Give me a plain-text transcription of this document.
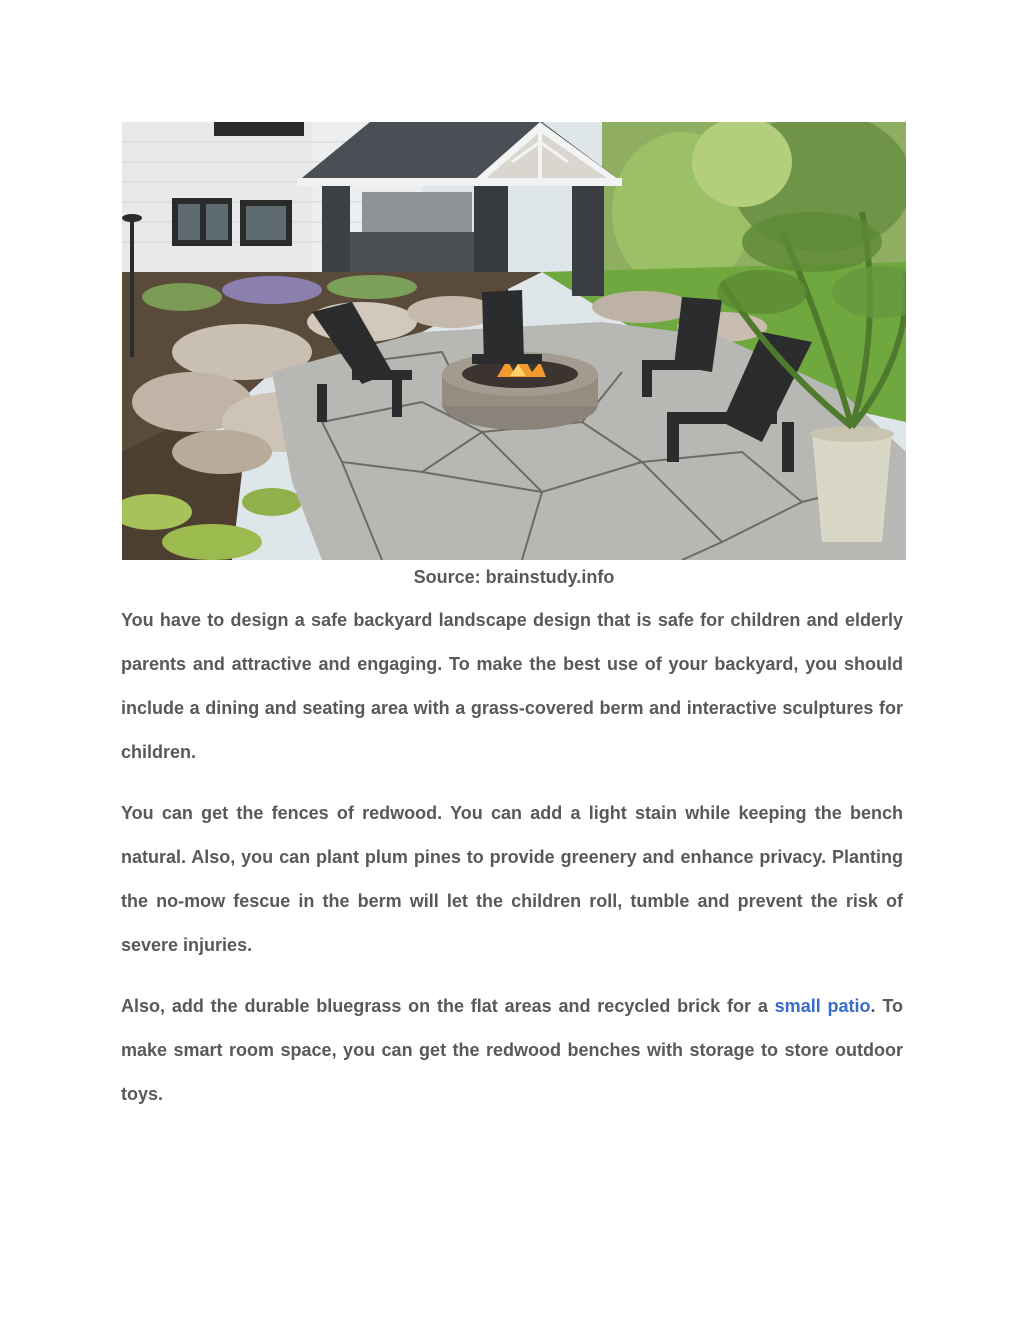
Source: brainstudy.info

You have to design a safe backyard landscape design that is safe for children and elderly parents and attractive and engaging. To make the best use of your backyard, you should include a dining and seating area with a grass-covered berm and interactive sculptures for children.

You can get the fences of redwood. You can add a light stain while keeping the bench natural. Also, you can plant plum pines to provide greenery and enhance privacy. Planting the no-mow fescue in the berm will let the children roll, tumble and prevent the risk of severe injuries.

Also, add the durable bluegrass on the flat areas and recycled brick for a small patio. To make smart room space, you can get the redwood benches with storage to store outdoor toys.
